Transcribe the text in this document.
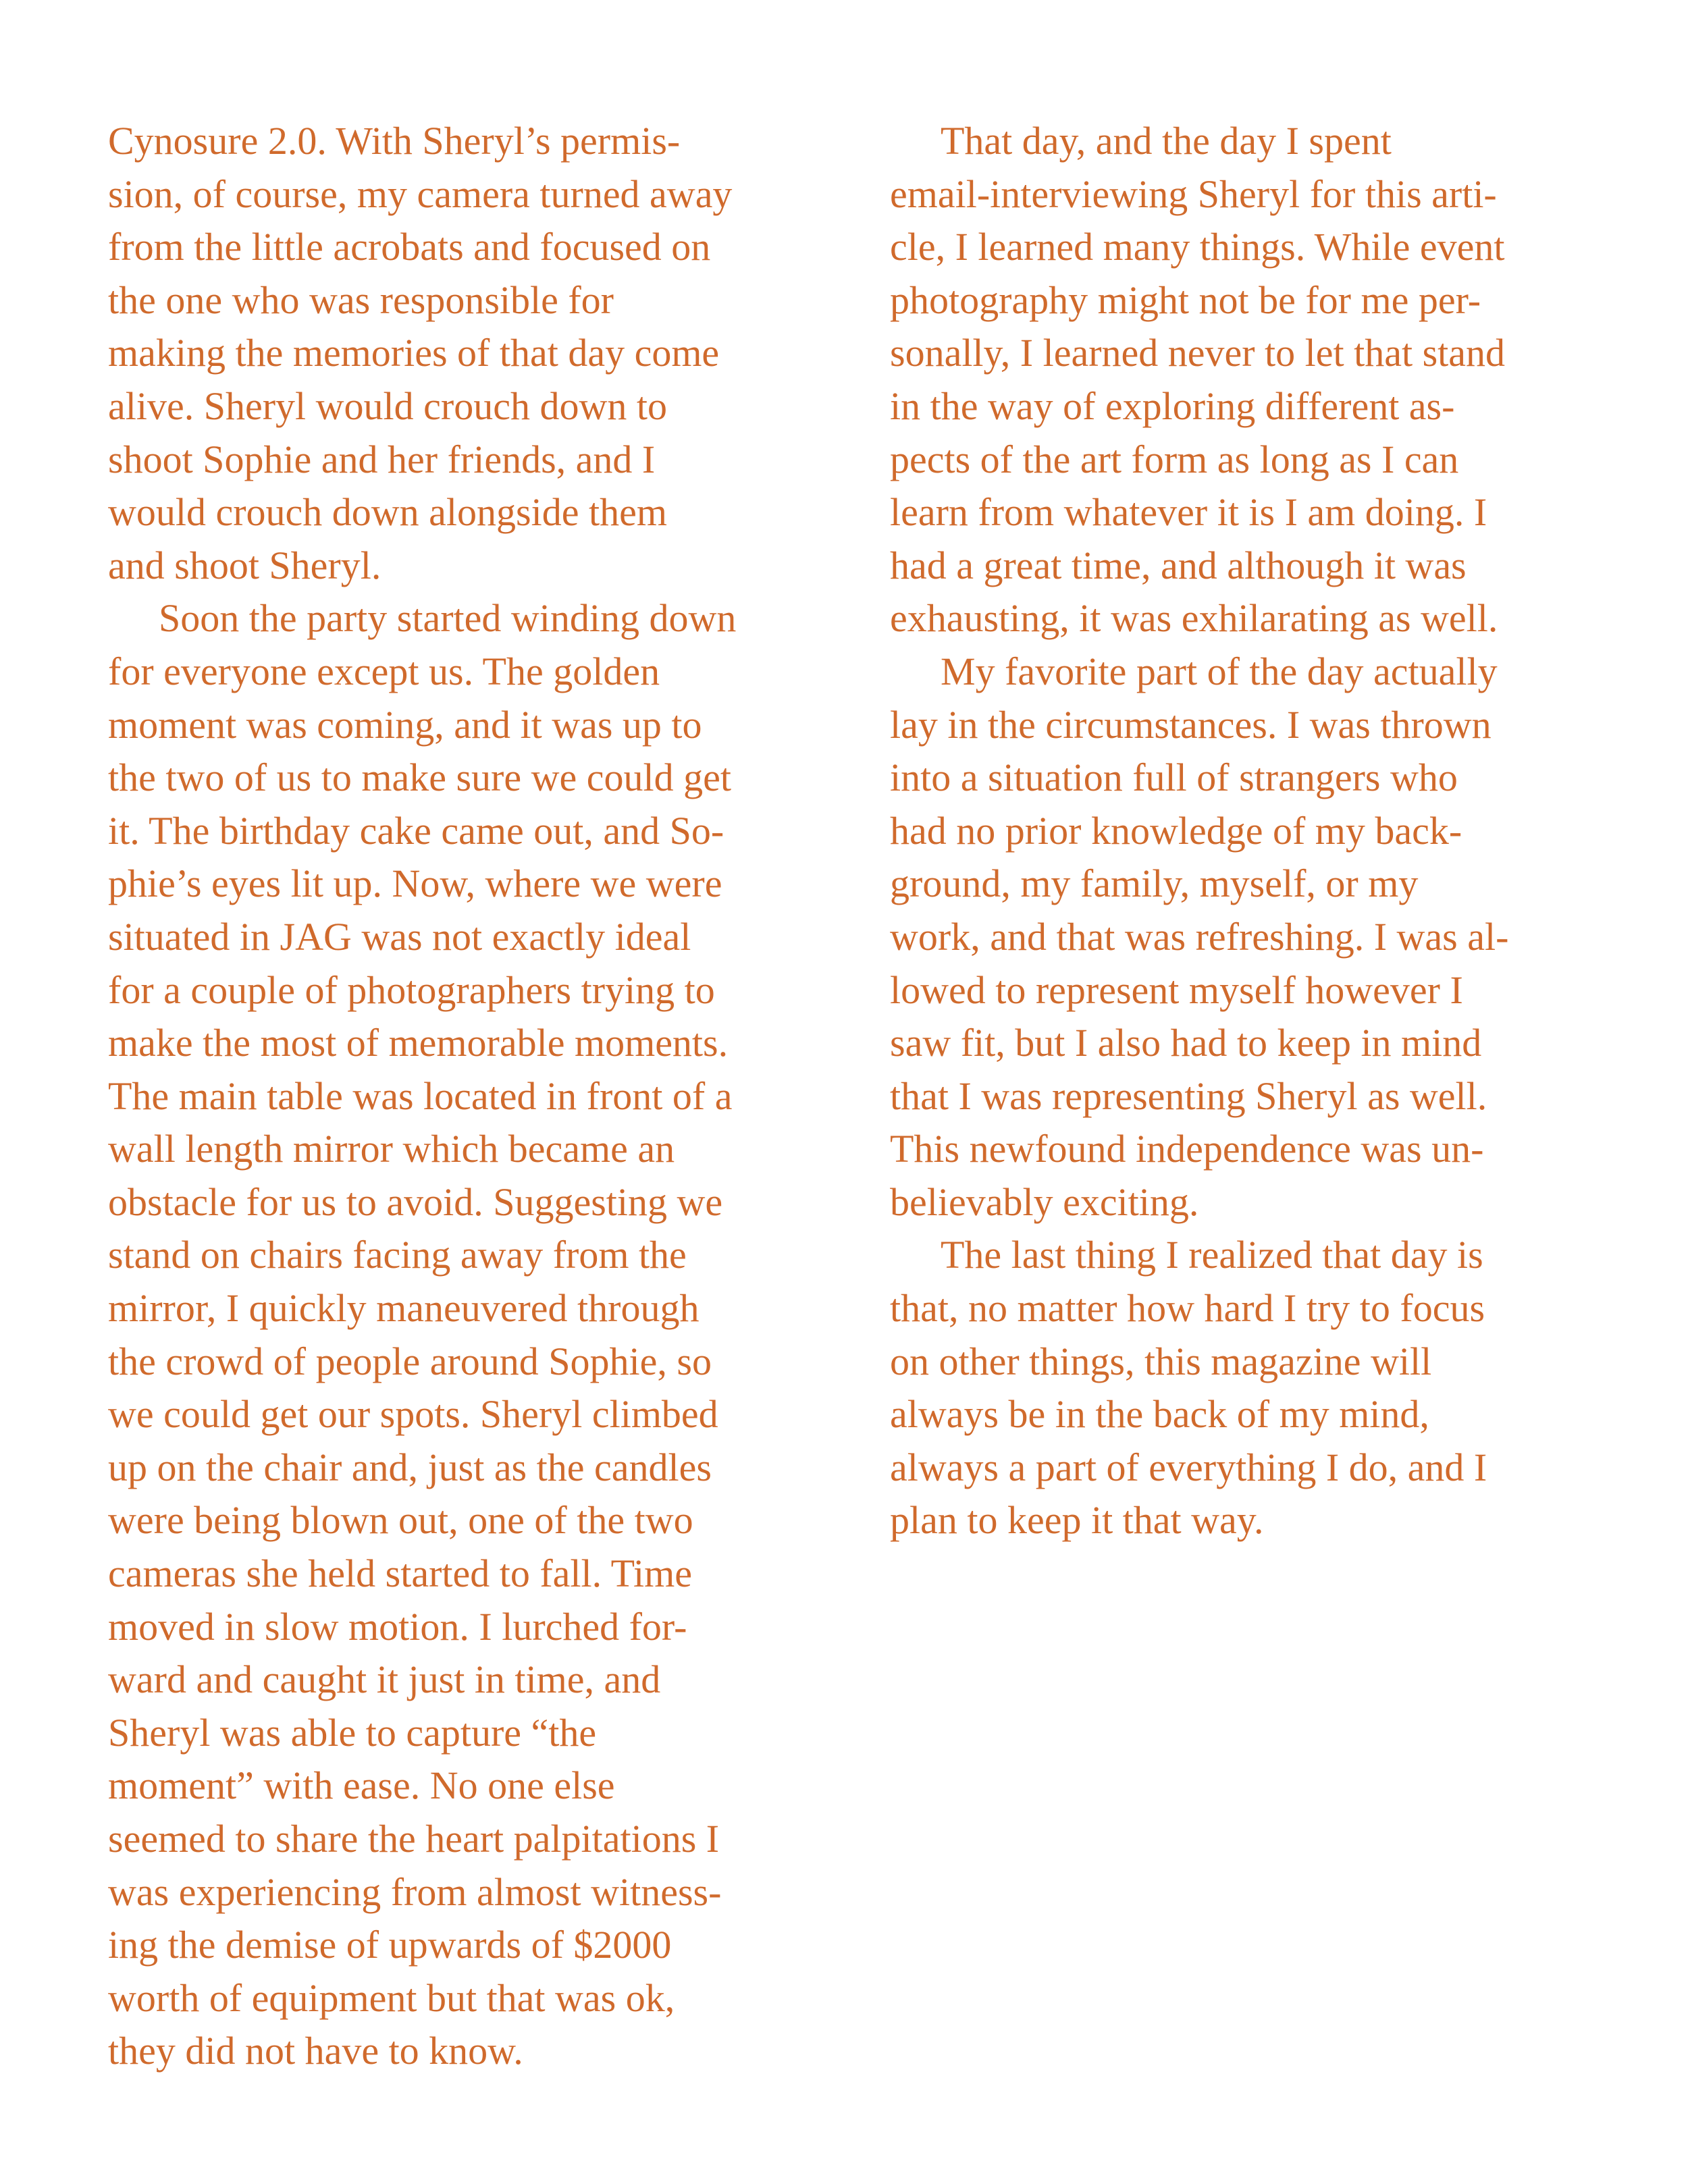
Cynosure 2.0. With Sheryl’s permis-
sion, of course, my camera turned away
from the little acrobats and focused on
the one who was responsible for
making the memories of that day come
alive. Sheryl would crouch down to
shoot Sophie and her friends, and I
would crouch down alongside them
and shoot Sheryl.
Soon the party started winding down
for everyone except us. The golden
moment was coming, and it was up to
the two of us to make sure we could get
it. The birthday cake came out, and So-
phie’s eyes lit up. Now, where we were
situated in JAG was not exactly ideal
for a couple of photographers trying to
make the most of memorable moments.
The main table was located in front of a
wall length mirror which became an
obstacle for us to avoid. Suggesting we
stand on chairs facing away from the
mirror, I quickly maneuvered through
the crowd of people around Sophie, so
we could get our spots. Sheryl climbed
up on the chair and, just as the candles
were being blown out, one of the two
cameras she held started to fall. Time
moved in slow motion. I lurched for-
ward and caught it just in time, and
Sheryl was able to capture “the
moment” with ease. No one else
seemed to share the heart palpitations I
was experiencing from almost witness-
ing the demise of upwards of $2000
worth of equipment but that was ok,
they did not have to know.
That day, and the day I spent
email-interviewing Sheryl for this arti-
cle, I learned many things. While event
photography might not be for me per-
sonally, I learned never to let that stand
in the way of exploring different as-
pects of the art form as long as I can
learn from whatever it is I am doing. I
had a great time, and although it was
exhausting, it was exhilarating as well.
My favorite part of the day actually
lay in the circumstances. I was thrown
into a situation full of strangers who
had no prior knowledge of my back-
ground, my family, myself, or my
work, and that was refreshing. I was al-
lowed to represent myself however I
saw fit, but I also had to keep in mind
that I was representing Sheryl as well.
This newfound independence was un-
believably exciting.
The last thing I realized that day is
that, no matter how hard I try to focus
on other things, this magazine will
always be in the back of my mind,
always a part of everything I do, and I
plan to keep it that way.
